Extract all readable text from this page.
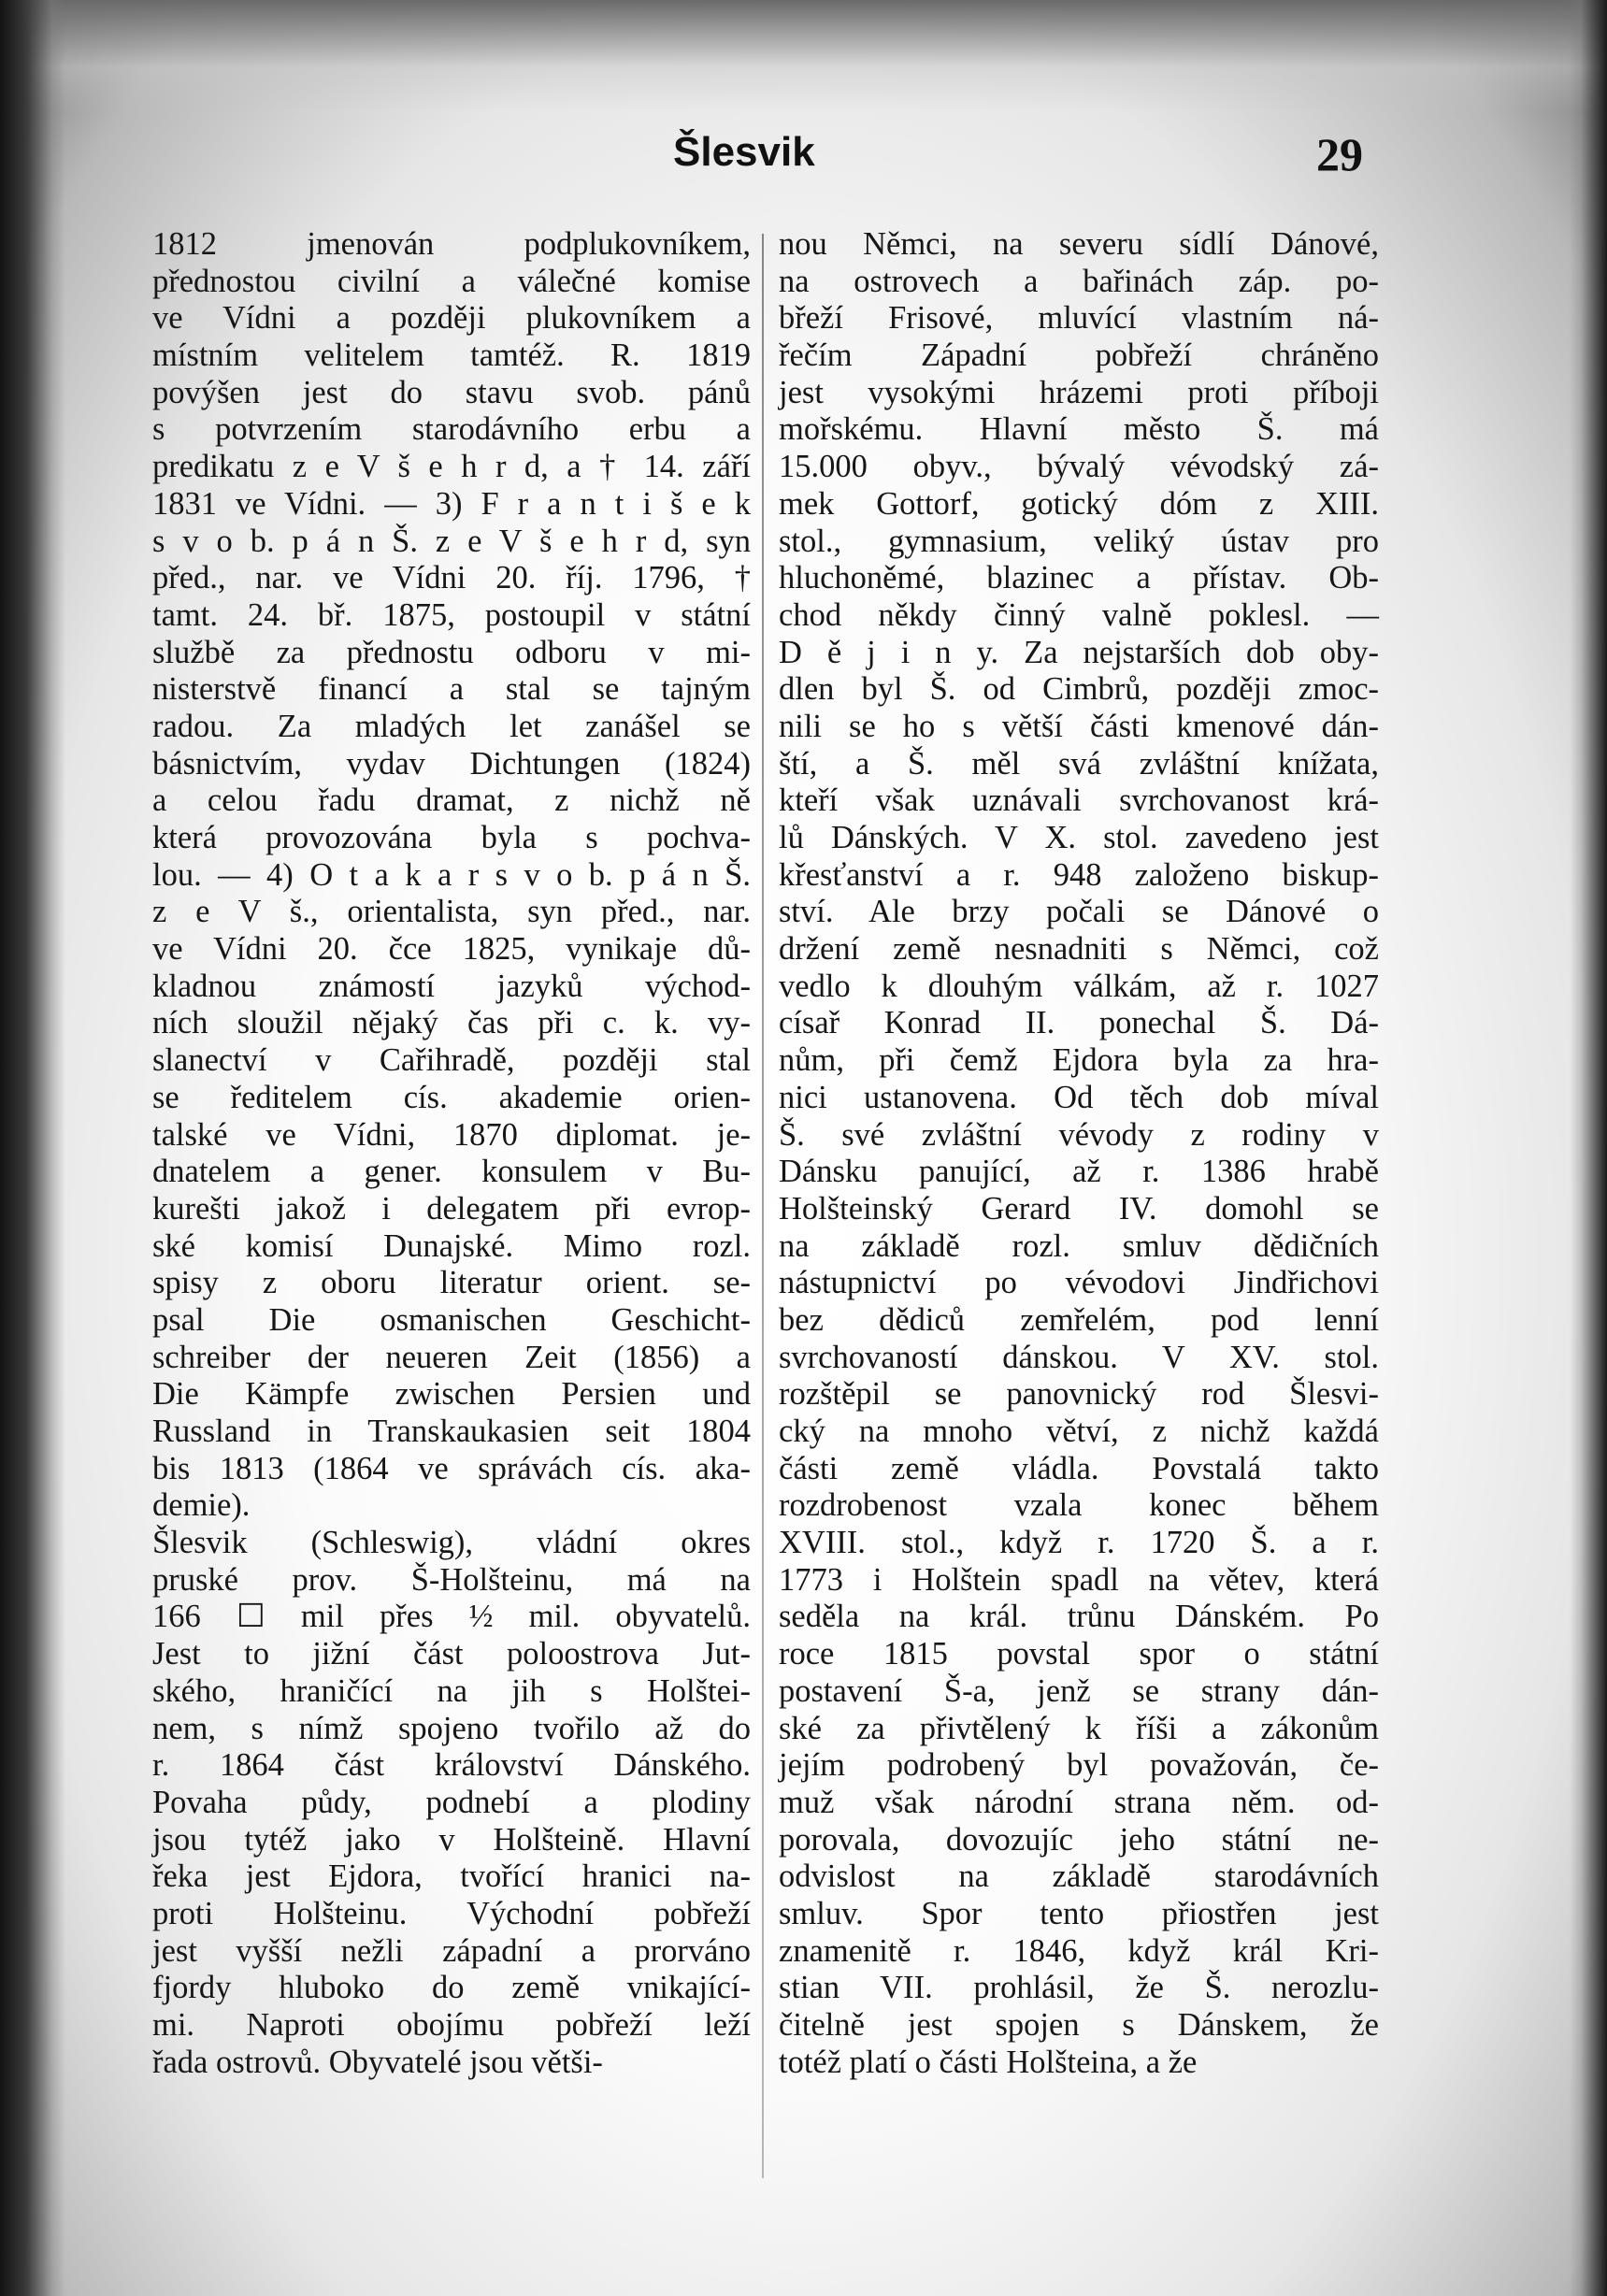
Šlesvik	29
1812 jmenován podplukovníkem,
přednostou civilní a válečné komise
ve Vídni a později plukovníkem a
místním velitelem tamtéž. R. 1819
povýšen jest do stavu svob. pánů
s potvrzením starodávního erbu a
predikatu z e V š e h r d, a † 14. září
1831 ve Vídni. — 3) F r a n t i š e k
s v o b. p á n Š. z e V š e h r d, syn
před., nar. ve Vídni 20. říj. 1796, †
tamt. 24. bř. 1875, postoupil v státní
službě za přednostu odboru v mi-
nisterstvě financí a stal se tajným
radou. Za mladých let zanášel se
básnictvím, vydav Dichtungen (1824)
a celou řadu dramat, z nichž ně
která provozována byla s pochva-
lou. — 4) O t a k a r s v o b. p á n Š.
z e V š., orientalista, syn před., nar.
ve Vídni 20. čce 1825, vynikaje dů-
kladnou známostí jazyků východ-
ních sloužil nějaký čas při c. k. vy-
slanectví v Cařihradě, později stal
se ředitelem cís. akademie orien-
talské ve Vídni, 1870 diplomat. je-
dnatelem a gener. konsulem v Bu-
kurešti jakož i delegatem při evrop-
ské komisí Dunajské. Mimo rozl.
spisy z oboru literatur orient. se-
psal Die osmanischen Geschicht-
schreiber der neueren Zeit (1856) a
Die Kämpfe zwischen Persien und
Russland in Transkaukasien seit 1804
bis 1813 (1864 ve správách cís. aka-
demie).
Šlesvik (Schleswig), vládní okres
pruské prov. Š-Holšteinu, má na
166 ☐ mil přes ½ mil. obyvatelů.
Jest to jižní část poloostrova Jut-
ského, hraničící na jih s Holštei-
nem, s nímž spojeno tvořilo až do
r. 1864 část království Dánského.
Povaha půdy, podnebí a plodiny
jsou tytéž jako v Holšteině. Hlavní
řeka jest Ejdora, tvořící hranici na-
proti Holšteinu. Východní pobřeží
jest vyšší nežli západní a prorváno
fjordy hluboko do země vnikající-
mi. Naproti obojímu pobřeží leží
řada ostrovů. Obyvatelé jsou větši-
nou Němci, na severu sídlí Dánové,
na ostrovech a bařinách záp. po-
břeží Frisové, mluvící vlastním ná-
řečím Západní pobřeží chráněno
jest vysokými hrázemi proti příboji
mořskému. Hlavní město Š. má
15.000 obyv., bývalý vévodský zá-
mek Gottorf, gotický dóm z XIII.
stol., gymnasium, veliký ústav pro
hluchoněmé, blazinec a přístav. Ob-
chod někdy činný valně poklesl. —
D ě j i n y. Za nejstarších dob oby-
dlen byl Š. od Cimbrů, později zmoc-
nili se ho s větší části kmenové dán-
ští, a Š. měl svá zvláštní knížata,
kteří však uznávali svrchovanost krá-
lů Dánských. V X. stol. zavedeno jest
křesťanství a r. 948 založeno biskup-
ství. Ale brzy počali se Dánové o
držení země nesnadniti s Němci, což
vedlo k dlouhým válkám, až r. 1027
císař Konrad II. ponechal Š. Dá-
nům, při čemž Ejdora byla za hra-
nici ustanovena. Od těch dob míval
Š. své zvláštní vévody z rodiny v
Dánsku panující, až r. 1386 hrabě
Holšteinský Gerard IV. domohl se
na základě rozl. smluv dědičních
nástupnictví po vévodovi Jindřichovi
bez dědiců zemřelém, pod lenní
svrchovaností dánskou. V XV. stol.
rozštěpil se panovnický rod Šlesvi-
cký na mnoho větví, z nichž každá
části země vládla. Povstalá takto
rozdrobenost vzala konec během
XVIII. stol., když r. 1720 Š. a r.
1773 i Holštein spadl na větev, která
seděla na král. trůnu Dánském. Po
roce 1815 povstal spor o státní
postavení Š-a, jenž se strany dán-
ské za přivtělený k říši a zákonům
jejím podrobený byl považován, če-
muž však národní strana něm. od-
porovala, dovozujíc jeho státní ne-
odvislost na základě starodávních
smluv. Spor tento přiostřen jest
znamenitě r. 1846, když král Kri-
stian VII. prohlásil, že Š. nerozlu-
čitelně jest spojen s Dánskem, že
totéž platí o části Holšteina, a že
